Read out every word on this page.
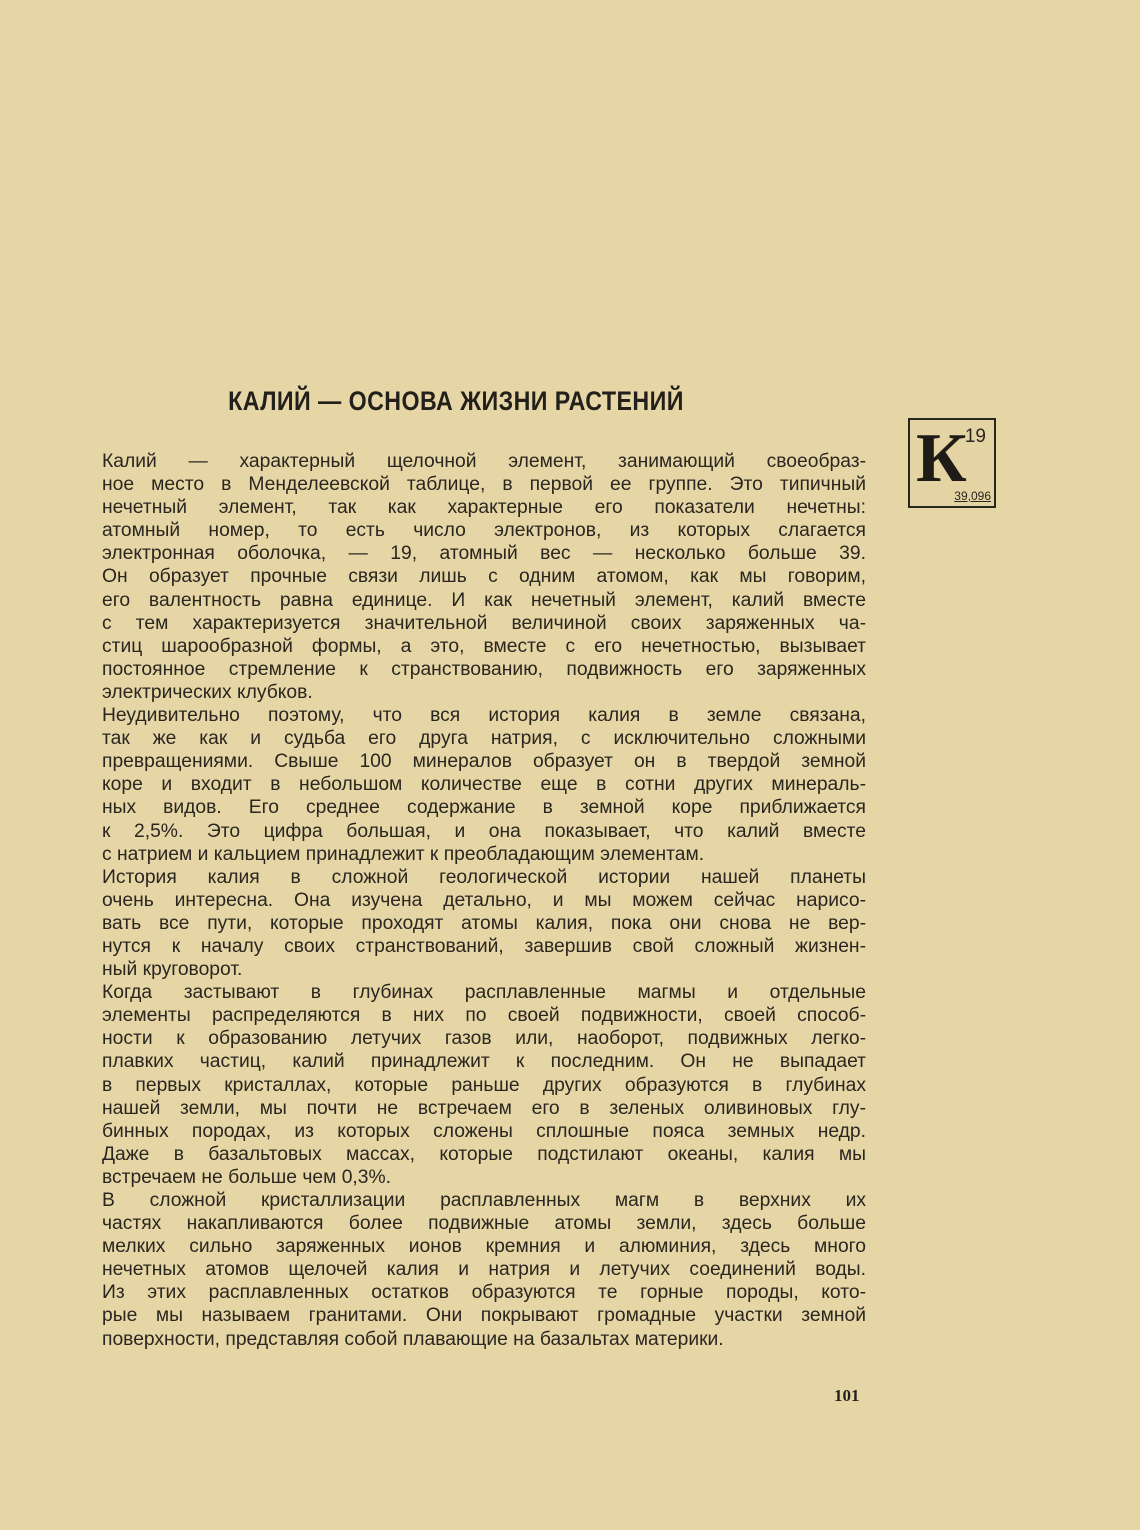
КАЛИЙ — ОСНОВА ЖИЗНИ РАСТЕНИЙ
К
19
39,096

Калий — характерный щелочной элемент, занимающий своеобраз-
ное место в Менделеевской таблице, в первой ее группе. Это типичный
нечетный элемент, так как характерные его показатели нечетны:
атомный номер, то есть число электронов, из которых слагается
электронная оболочка, — 19, атомный вес — несколько больше 39.
Он образует прочные связи лишь с одним атомом, как мы говорим,
его валентность равна единице. И как нечетный элемент, калий вместе
с тем характеризуется значительной величиной своих заряженных ча-
стиц шарообразной формы, а это, вместе с его нечетностью, вызывает
постоянное стремление к странствованию, подвижность его заряженных
электрических клубков.

Неудивительно поэтому, что вся история калия в земле связана,
так же как и судьба его друга натрия, с исключительно сложными
превращениями. Свыше 100 минералов образует он в твердой земной
коре и входит в небольшом количестве еще в сотни других минераль-
ных видов. Его среднее содержание в земной коре приближается
к 2,5%. Это цифра большая, и она показывает, что калий вместе
с натрием и кальцием принадлежит к преобладающим элементам.

История калия в сложной геологической истории нашей планеты
очень интересна. Она изучена детально, и мы можем сейчас нарисо-
вать все пути, которые проходят атомы калия, пока они снова не вер-
нутся к началу своих странствований, завершив свой сложный жизнен-
ный круговорот.

Когда застывают в глубинах расплавленные магмы и отдельные
элементы распределяются в них по своей подвижности, своей способ-
ности к образованию летучих газов или, наоборот, подвижных легко-
плавких частиц, калий принадлежит к последним. Он не выпадает
в первых кристаллах, которые раньше других образуются в глубинах
нашей земли, мы почти не встречаем его в зеленых оливиновых глу-
бинных породах, из которых сложены сплошные пояса земных недр.
Даже в базальтовых массах, которые подстилают океаны, калия мы
встречаем не больше чем 0,3%.

В сложной кристаллизации расплавленных магм в верхних их
частях накапливаются более подвижные атомы земли, здесь больше
мелких сильно заряженных ионов кремния и алюминия, здесь много
нечетных атомов щелочей калия и натрия и летучих соединений воды.
Из этих расплавленных остатков образуются те горные породы, кото-
рые мы называем гранитами. Они покрывают громадные участки земной
поверхности, представляя собой плавающие на базальтах материки.

101
